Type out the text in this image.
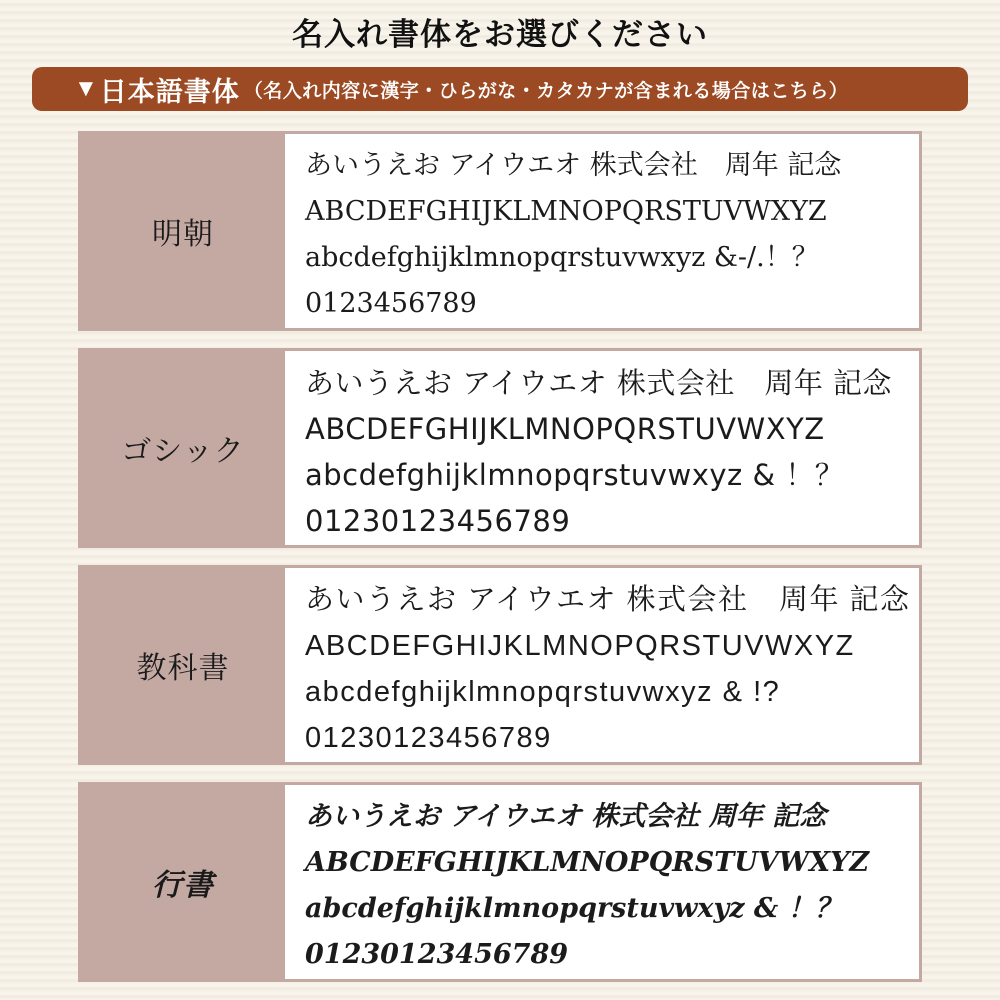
名入れ書体をお選びください
▼ 日本語書体 （名入れ内容に漢字・ひらがな・カタカナが含まれる場合はこちら）
明朝
あいうえお アイウエオ 株式会社　周年 記念
ABCDEFGHIJKLMNOPQRSTUVWXYZ
abcdefghijklmnopqrstuvwxyz &-/.！？
0123456789
ゴシック
あいうえお アイウエオ 株式会社　周年 記念
ABCDEFGHIJKLMNOPQRSTUVWXYZ
abcdefghijklmnopqrstuvwxyz & ！？
01230123456789
教科書
あいうえお アイウエオ 株式会社　周年 記念
ABCDEFGHIJKLMNOPQRSTUVWXYZ
abcdefghijklmnopqrstuvwxyz & !?
01230123456789
行書
あいうえお アイウエオ 株式会社 周年 記念
ABCDEFGHIJKLMNOPQRSTUVWXYZ
abcdefghijklmnopqrstuvwxyz & ！？
01230123456789
